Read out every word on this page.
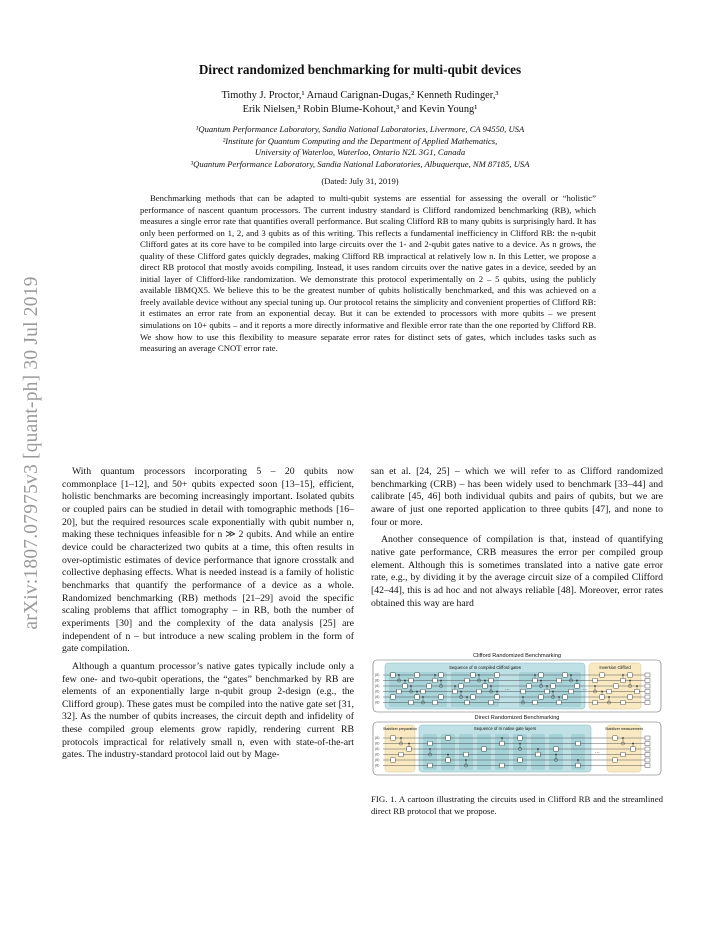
arXiv:1807.07975v3 [quant-ph] 30 Jul 2019
Direct randomized benchmarking for multi-qubit devices
Timothy J. Proctor,¹ Arnaud Carignan-Dugas,² Kenneth Rudinger,³
Erik Nielsen,³ Robin Blume-Kohout,³ and Kevin Young¹
¹Quantum Performance Laboratory, Sandia National Laboratories, Livermore, CA 94550, USA
²Institute for Quantum Computing and the Department of Applied Mathematics,
University of Waterloo, Waterloo, Ontario N2L 3G1, Canada
³Quantum Performance Laboratory, Sandia National Laboratories, Albuquerque, NM 87185, USA
(Dated: July 31, 2019)
Benchmarking methods that can be adapted to multi-qubit systems are essential for assessing the overall or “holistic” performance of nascent quantum processors. The current industry standard is Clifford randomized benchmarking (RB), which measures a single error rate that quantifies overall performance. But scaling Clifford RB to many qubits is surprisingly hard. It has only been performed on 1, 2, and 3 qubits as of this writing. This reflects a fundamental inefficiency in Clifford RB: the n-qubit Clifford gates at its core have to be compiled into large circuits over the 1- and 2-qubit gates native to a device. As n grows, the quality of these Clifford gates quickly degrades, making Clifford RB impractical at relatively low n. In this Letter, we propose a direct RB protocol that mostly avoids compiling. Instead, it uses random circuits over the native gates in a device, seeded by an initial layer of Clifford-like randomization. We demonstrate this protocol experimentally on 2 – 5 qubits, using the publicly available IBMQX5. We believe this to be the greatest number of qubits holistically benchmarked, and this was achieved on a freely available device without any special tuning up. Our protocol retains the simplicity and convenient properties of Clifford RB: it estimates an error rate from an exponential decay. But it can be extended to processors with more qubits – we present simulations on 10+ qubits – and it reports a more directly informative and flexible error rate than the one reported by Clifford RB. We show how to use this flexibility to measure separate error rates for distinct sets of gates, which includes tasks such as measuring an average CNOT error rate.

With quantum processors incorporating 5 – 20 qubits now commonplace [1–12], and 50+ qubits expected soon [13–15], efficient, holistic benchmarks are becoming increasingly important. Isolated qubits or coupled pairs can be studied in detail with tomographic methods [16–20], but the required resources scale exponentially with qubit number n, making these techniques infeasible for n ≫ 2 qubits. And while an entire device could be characterized two qubits at a time, this often results in over-optimistic estimates of device performance that ignore crosstalk and collective dephasing effects. What is needed instead is a family of holistic benchmarks that quantify the performance of a device as a whole. Randomized benchmarking (RB) methods [21–29] avoid the specific scaling problems that afflict tomography – in RB, both the number of experiments [30] and the complexity of the data analysis [25] are independent of n – but introduce a new scaling problem in the form of gate compilation.

Although a quantum processor’s native gates typically include only a few one- and two-qubit operations, the “gates” benchmarked by RB are elements of an exponentially large n-qubit group 2-design (e.g., the Clifford group). These gates must be compiled into the native gate set [31, 32]. As the number of qubits increases, the circuit depth and infidelity of these compiled group elements grow rapidly, rendering current RB protocols impractical for relatively small n, even with state-of-the-art gates. The industry-standard protocol laid out by Mage-

san et al. [24, 25] – which we will refer to as Clifford randomized benchmarking (CRB) – has been widely used to benchmark [33–44] and calibrate [45, 46] both individual qubits and pairs of qubits, but we are aware of just one reported application to three qubits [47], and none to four or more.

Another consequence of compilation is that, instead of quantifying native gate performance, CRB measures the error per compiled group element. Although this is sometimes translated into a native gate error rate, e.g., by dividing it by the average circuit size of a compiled Clifford [42–44], this is ad hoc and not always reliable [48]. Moreover, error rates obtained this way are hard

Clifford Randomized Benchmarking
Sequence of m compiled Clifford gates	Inversion Clifford
|0⟩
|0⟩
|0⟩
|0⟩
|0⟩
|0⟩
···	···
Direct Randomized Benchmarking
Stabilizer preparation	Sequence of m native gate layers	Stabilizer measurement
|0⟩
|0⟩
|0⟩
|0⟩
|0⟩
|0⟩
···
FIG. 1. A cartoon illustrating the circuits used in Clifford RB and the streamlined direct RB protocol that we propose.
